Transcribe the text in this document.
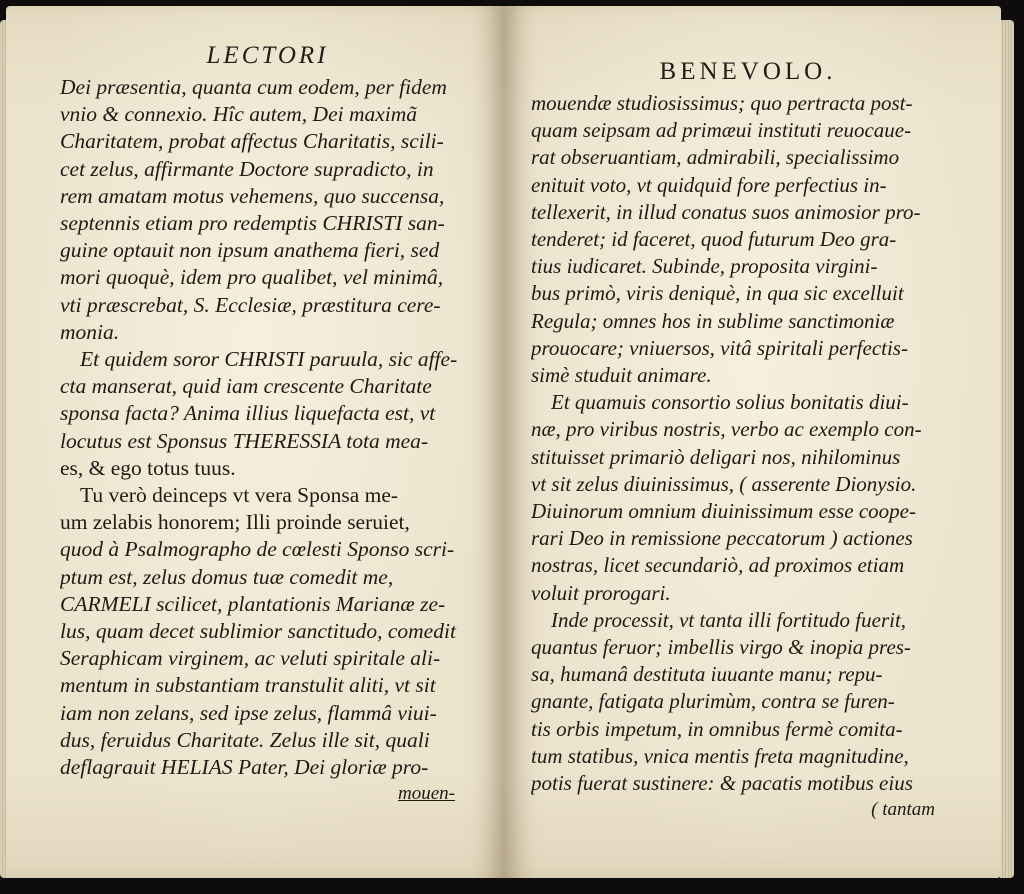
LECTORI
Dei præsentia, quanta cum eodem, per fidem
vnio & connexio. Hîc autem, Dei maximã
Charitatem, probat affectus Charitatis, scili-
cet zelus, affirmante Doctore supradicto, in
rem amatam motus vehemens, quo succensa,
septennis etiam pro redemptis CHRISTI san-
guine optauit non ipsum anathema fieri, sed
mori quoquè, idem pro qualibet, vel minimâ,
vti præscrebat, S. Ecclesiæ, præstitura cere-
monia.
Et quidem soror CHRISTI paruula, sic affe-
cta manserat, quid iam crescente Charitate
sponsa facta? Anima illius liquefacta est, vt
locutus est Sponsus THERESSIA tota mea-
es, & ego totus tuus.
Tu verò deinceps vt vera Sponsa me-
um zelabis honorem; Illi proinde seruiet,
quod à Psalmographo de cœlesti Sponso scri-
ptum est, zelus domus tuæ comedit me,
CARMELI scilicet, plantationis Marianæ ze-
lus, quam decet sublimior sanctitudo, comedit
Seraphicam virginem, ac veluti spiritale ali-
mentum in substantiam transtulit aliti, vt sit
iam non zelans, sed ipse zelus, flammâ viui-
dus, feruidus Charitate. Zelus ille sit, quali
deflagrauit HELIAS Pater, Dei gloriæ pro-
mouen-
BENEVOLO.
mouendæ studiosissimus; quo pertracta post-
quam seipsam ad primæui instituti reuocaue-
rat obseruantiam, admirabili, specialissimo
enituit voto, vt quidquid fore perfectius in-
tellexerit, in illud conatus suos animosior pro-
tenderet; id faceret, quod futurum Deo gra-
tius iudicaret. Subinde, proposita virgini-
bus primò, viris deniquè, in qua sic excelluit
Regula; omnes hos in sublime sanctimoniæ
prouocare; vniuersos, vitâ spiritali perfectis-
simè studuit animare.
Et quamuis consortio solius bonitatis diui-
næ, pro viribus nostris, verbo ac exemplo con-
stituisset primariò deligari nos, nihilominus
vt sit zelus diuinissimus, ( asserente Dionysio.
Diuinorum omnium diuinissimum esse coope-
rari Deo in remissione peccatorum ) actiones
nostras, licet secundariò, ad proximos etiam
voluit prorogari.
Inde processit, vt tanta illi fortitudo fuerit,
quantus feruor; imbellis virgo & inopia pres-
sa, humanâ destituta iuuante manu; repu-
gnante, fatigata plurimùm, contra se furen-
tis orbis impetum, in omnibus fermè comita-
tum statibus, vnica mentis freta magnitudine,
potis fuerat sustinere: & pacatis motibus eius
( tantam
